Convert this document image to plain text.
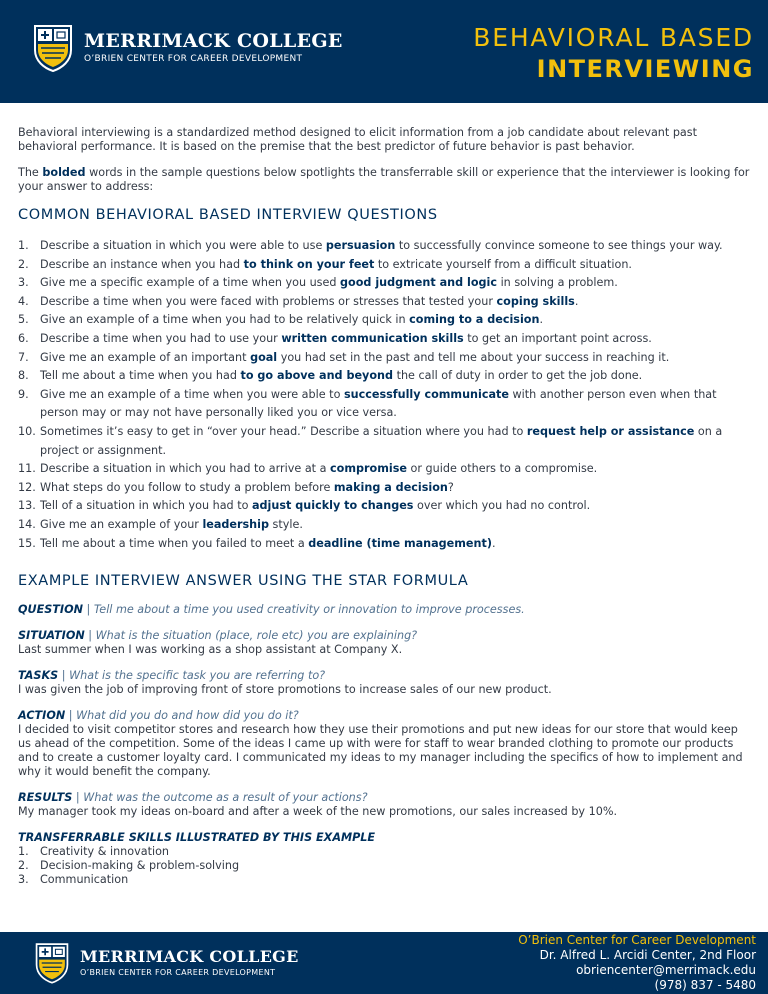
MERRIMACK COLLEGE
O’BRIEN CENTER FOR CAREER DEVELOPMENT
BEHAVIORAL BASED
INTERVIEWING

Behavioral interviewing is a standardized method designed to elicit information from a job candidate about relevant past behavioral performance. It is based on the premise that the best predictor of future behavior is past behavior.

The bolded words in the sample questions below spotlights the transferrable skill or experience that the interviewer is looking for your answer to address:

COMMON BEHAVIORAL BASED INTERVIEW QUESTIONS
1.	Describe a situation in which you were able to use persuasion to successfully convince someone to see things your way.
2.	Describe an instance when you had to think on your feet to extricate yourself from a difficult situation.
3.	Give me a specific example of a time when you used good judgment and logic in solving a problem.
4.	Describe a time when you were faced with problems or stresses that tested your coping skills.
5.	Give an example of a time when you had to be relatively quick in coming to a decision.
6.	Describe a time when you had to use your written communication skills to get an important point across.
7.	Give me an example of an important goal you had set in the past and tell me about your success in reaching it.
8.	Tell me about a time when you had to go above and beyond the call of duty in order to get the job done.
9.	Give me an example of a time when you were able to successfully communicate with another person even when that person may or may not have personally liked you or vice versa.
10. Sometimes it’s easy to get in “over your head.” Describe a situation where you had to request help or assistance on a project or assignment.
11. Describe a situation in which you had to arrive at a compromise or guide others to a compromise.
12. What steps do you follow to study a problem before making a decision?
13. Tell of a situation in which you had to adjust quickly to changes over which you had no control.
14. Give me an example of your leadership style.
15. Tell me about a time when you failed to meet a deadline (time management).
EXAMPLE INTERVIEW ANSWER USING THE STAR FORMULA
QUESTION | Tell me about a time you used creativity or innovation to improve processes.
SITUATION | What is the situation (place, role etc) you are explaining?
Last summer when I was working as a shop assistant at Company X.
TASKS | What is the specific task you are referring to?
I was given the job of improving front of store promotions to increase sales of our new product.
ACTION | What did you do and how did you do it?
I decided to visit competitor stores and research how they use their promotions and put new ideas for our store that would keep us ahead of the competition. Some of the ideas I came up with were for staff to wear branded clothing to promote our products and to create a customer loyalty card. I communicated my ideas to my manager including the specifics of how to implement and why it would benefit the company.
RESULTS | What was the outcome as a result of your actions?
My manager took my ideas on-board and after a week of the new promotions, our sales increased by 10%.
TRANSFERRABLE SKILLS ILLUSTRATED BY THIS EXAMPLE
1.	Creativity & innovation
2.	Decision-making & problem-solving
3.	Communication
MERRIMACK COLLEGE
O’BRIEN CENTER FOR CAREER DEVELOPMENT
O’Brien Center for Career Development
Dr. Alfred L. Arcidi Center, 2nd Floor
obriencenter@merrimack.edu
(978) 837 - 5480
